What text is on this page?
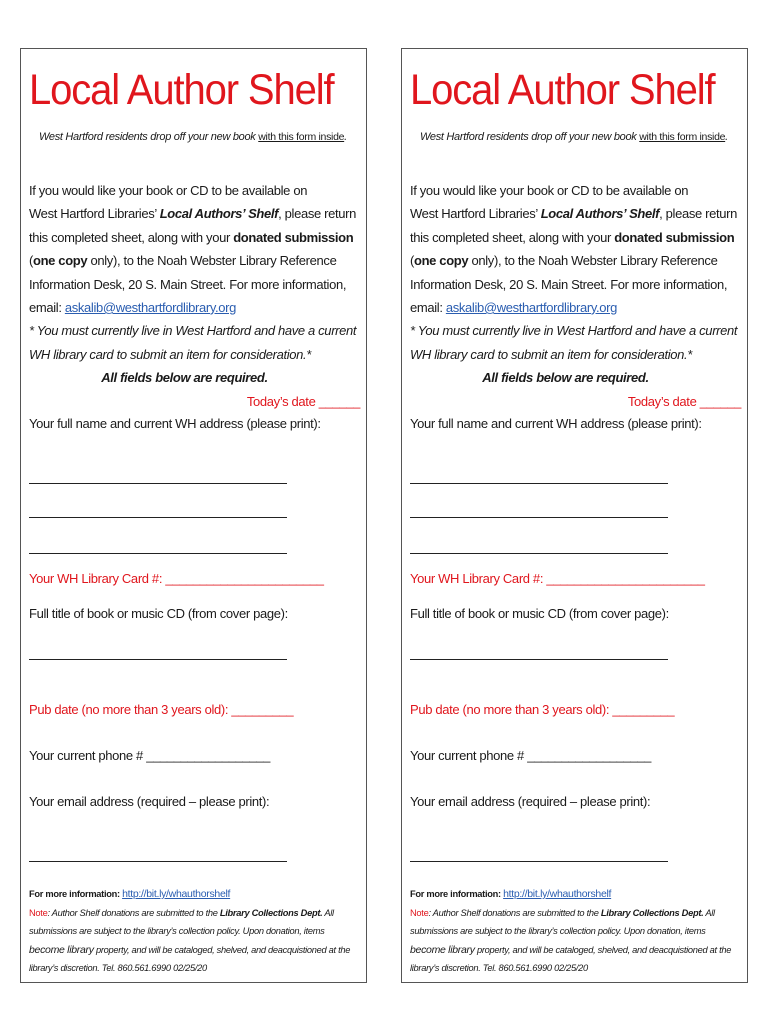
Local Author Shelf
West Hartford residents drop off your new book with this form inside.
If you would like your book or CD to be available on
West Hartford Libraries’ Local Authors’ Shelf, please return
this completed sheet, along with your donated submission
(one copy only), to the Noah Webster Library Reference
Information Desk, 20 S. Main Street. For more information,
email: askalib@westhartfordlibrary.org
* You must currently live in West Hartford and have a current
WH library card to submit an item for consideration.*
All fields below are required.
Today’s date ______
Your full name and current WH address (please print):
Your WH Library Card #: _______________________
Full title of book or music CD (from cover page):
Pub date (no more than 3 years old): _________
Your current phone # __________________
Your email address (required – please print):
For more information: http://bit.ly/whauthorshelf
Note: Author Shelf donations are submitted to the Library Collections Dept. All
submissions are subject to the library’s collection policy. Upon donation, items
become library property, and will be cataloged, shelved, and deacquistioned at the
library’s discretion. Tel. 860.561.6990 02/25/20
Local Author Shelf
West Hartford residents drop off your new book with this form inside.
If you would like your book or CD to be available on
West Hartford Libraries’ Local Authors’ Shelf, please return
this completed sheet, along with your donated submission
(one copy only), to the Noah Webster Library Reference
Information Desk, 20 S. Main Street. For more information,
email: askalib@westhartfordlibrary.org
* You must currently live in West Hartford and have a current
WH library card to submit an item for consideration.*
All fields below are required.
Today’s date ______
Your full name and current WH address (please print):
Your WH Library Card #: _______________________
Full title of book or music CD (from cover page):
Pub date (no more than 3 years old): _________
Your current phone # __________________
Your email address (required – please print):
For more information: http://bit.ly/whauthorshelf
Note: Author Shelf donations are submitted to the Library Collections Dept. All
submissions are subject to the library’s collection policy. Upon donation, items
become library property, and will be cataloged, shelved, and deacquistioned at the
library’s discretion. Tel. 860.561.6990 02/25/20
